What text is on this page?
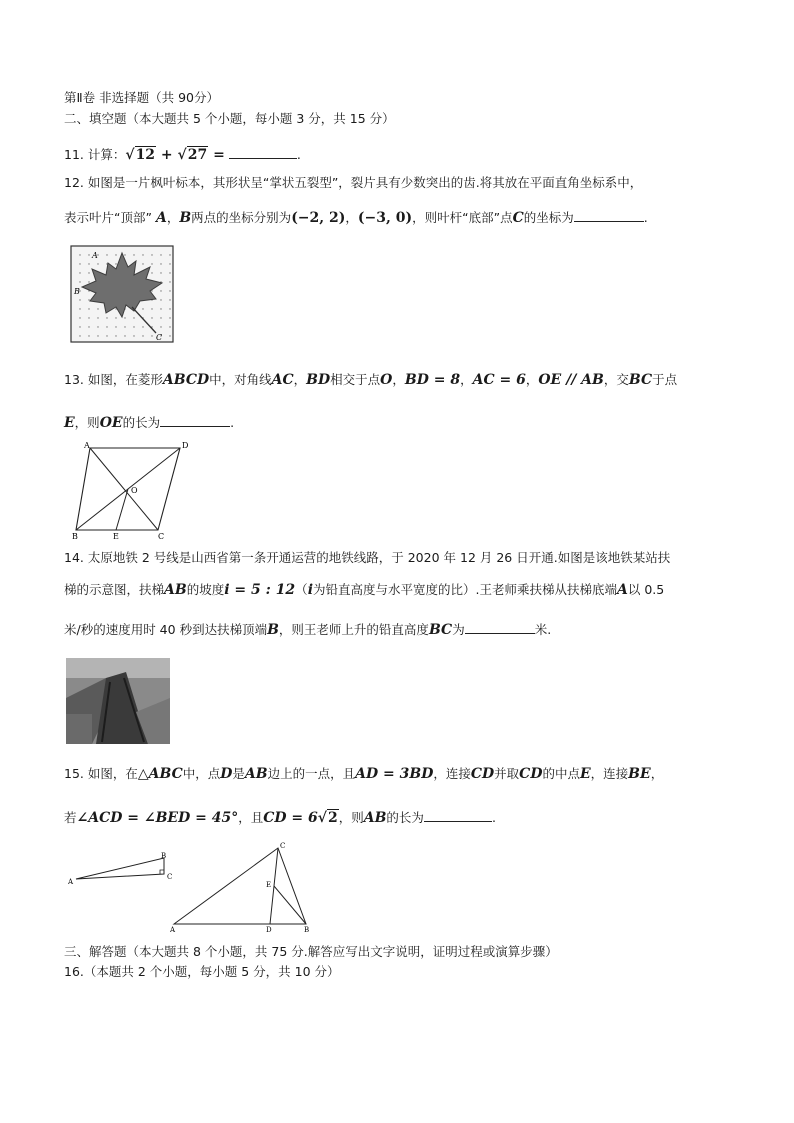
第Ⅱ卷 非选择题（共 90分）
二、填空题（本大题共 5 个小题，每小题 3 分，共 15 分）
11. 计算：√12 + √27 =	.
12. 如图是一片枫叶标本，其形状呈“掌状五裂型”，裂片具有少数突出的齿.将其放在平面直角坐标系中，
表示叶片“顶部” A，B两点的坐标分别为(−2, 2)，(−3, 0)，则叶杆“底部”点C的坐标为	.
A
B
C
13. 如图，在菱形ABCD中，对角线AC，BD相交于点O，BD = 8，AC = 6，OE // AB，交BC于点
E，则OE的长为	.
A	D
B	C
O
E
14. 太原地铁 2 号线是山西省第一条开通运营的地铁线路，于 2020 年 12 月 26 日开通.如图是该地铁某站扶
梯的示意图，扶梯AB的坡度i = 5 : 12（i为铅直高度与水平宽度的比）.王老师乘扶梯从扶梯底端A以 0.5
米/秒的速度用时 40 秒到达扶梯顶端B，则王老师上升的铅直高度BC为	米.
15. 如图，在△ABC中，点D是AB边上的一点，且AD = 3BD，连接CD并取CD的中点E，连接BE，
若∠ACD = ∠BED = 45°，且CD = 6√2，则AB的长为	.
A
B
C
A
C
E
D	B
三、解答题（本大题共 8 个小题，共 75 分.解答应写出文字说明，证明过程或演算步骤）
16.（本题共 2 个小题，每小题 5 分，共 10 分）
